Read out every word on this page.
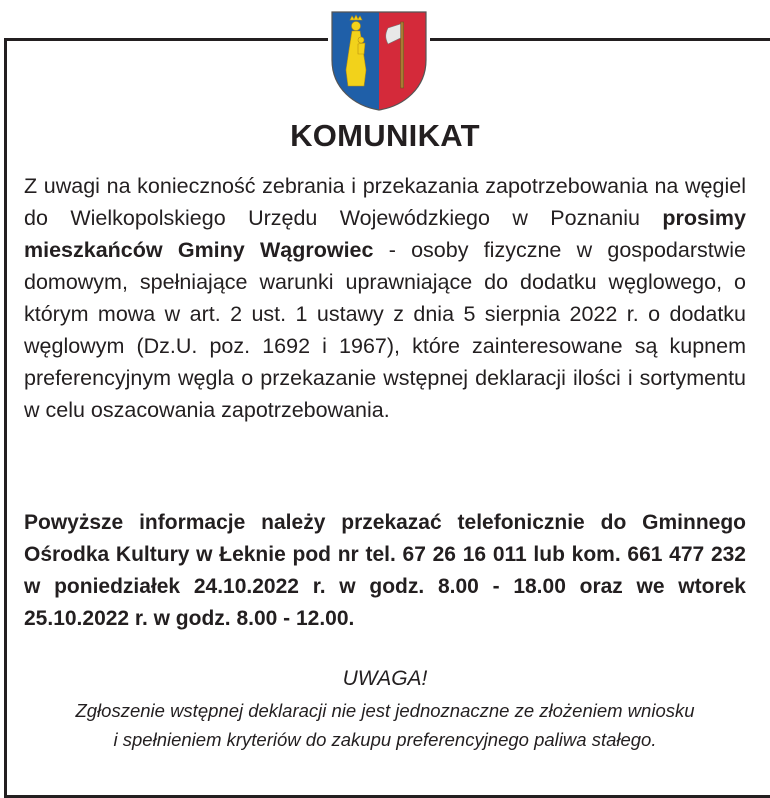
KOMUNIKAT
Z uwagi na konieczność zebrania i przekazania zapotrzebowania na węgiel do Wielkopolskiego Urzędu Wojewódzkiego w Poznaniu prosimy mieszkańców Gminy Wągrowiec - osoby fizyczne w gospodarstwie domowym, spełniające warunki uprawniające do dodatku węglowego, o którym mowa w art. 2 ust. 1 ustawy z dnia 5 sierpnia 2022 r. o dodatku węglowym (Dz.U. poz. 1692 i 1967), które zainteresowane są kupnem preferencyjnym węgla o przekazanie wstępnej deklaracji ilości i sortymentu w celu oszacowania zapotrzebowania.
Powyższe informacje należy przekazać telefonicznie do Gminnego Ośrodka Kultury w Łeknie pod nr tel. 67 26 16 011 lub kom. 661 477 232 w poniedziałek 24.10.2022 r. w godz. 8.00 - 18.00 oraz we wtorek 25.10.2022 r. w godz. 8.00 - 12.00.
UWAGA!
Zgłoszenie wstępnej deklaracji nie jest jednoznaczne ze złożeniem wniosku
i spełnieniem kryteriów do zakupu preferencyjnego paliwa stałego.
